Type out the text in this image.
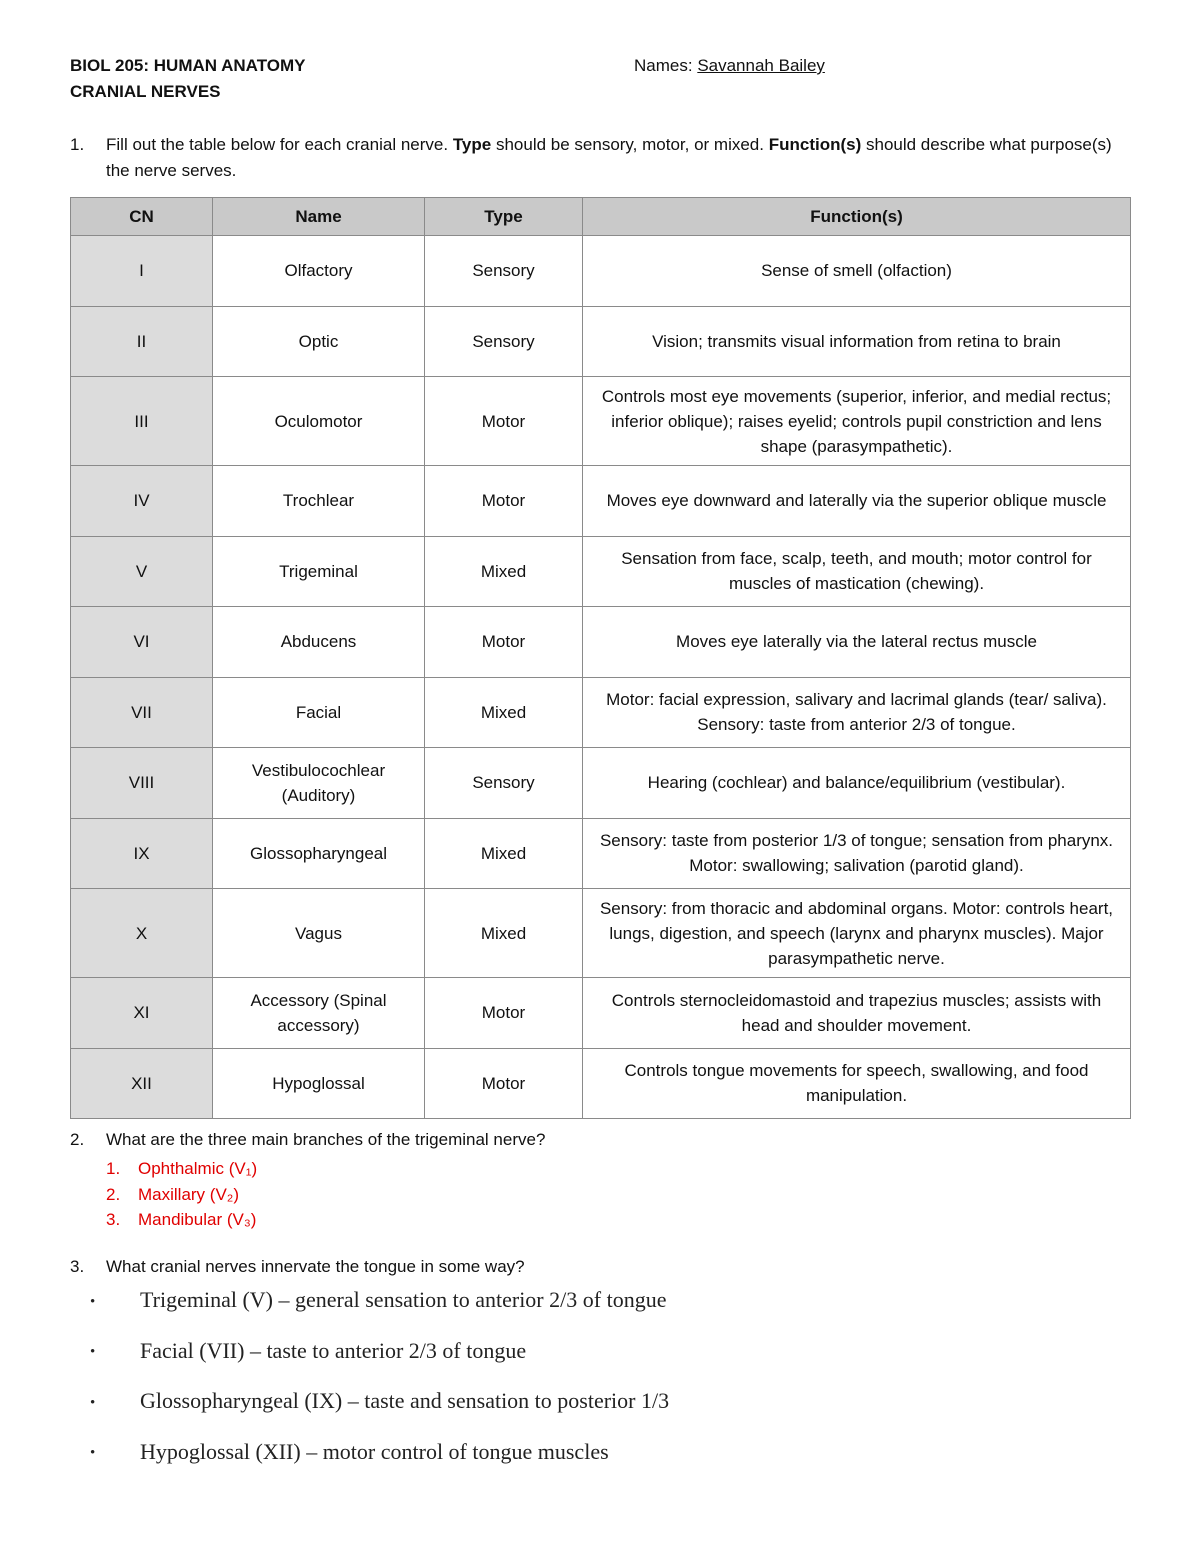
BIOL 205: HUMAN ANATOMY
CRANIAL NERVES
Names: Savannah Bailey
1. Fill out the table below for each cranial nerve. Type should be sensory, motor, or mixed. Function(s) should describe what purpose(s) the nerve serves.
CN	Name	Type	Function(s)
I	Olfactory	Sensory	Sense of smell (olfaction)
II	Optic	Sensory	Vision; transmits visual information from retina to brain
III	Oculomotor	Motor	Controls most eye movements (superior, inferior, and medial rectus; inferior oblique); raises eyelid; controls pupil constriction and lens shape (parasympathetic).
IV	Trochlear	Motor	Moves eye downward and laterally via the superior oblique muscle
V	Trigeminal	Mixed	Sensation from face, scalp, teeth, and mouth; motor control for muscles of mastication (chewing).
VI	Abducens	Motor	Moves eye laterally via the lateral rectus muscle
VII	Facial	Mixed	Motor: facial expression, salivary and lacrimal glands (tear/ saliva). Sensory: taste from anterior 2/3 of tongue.
VIII	Vestibulocochlear (Auditory)	Sensory	Hearing (cochlear) and balance/equilibrium (vestibular).
IX	Glossopharyngeal	Mixed	Sensory: taste from posterior 1/3 of tongue; sensation from pharynx. Motor: swallowing; salivation (parotid gland).
X	Vagus	Mixed	Sensory: from thoracic and abdominal organs. Motor: controls heart, lungs, digestion, and speech (larynx and pharynx muscles). Major parasympathetic nerve.
XI	Accessory (Spinal accessory)	Motor	Controls sternocleidomastoid and trapezius muscles; assists with head and shoulder movement.
XII	Hypoglossal	Motor	Controls tongue movements for speech, swallowing, and food manipulation.
2. What are the three main branches of the trigeminal nerve?
1. Ophthalmic (V₁)
2. Maxillary (V₂)
3. Mandibular (V₃)
3. What cranial nerves innervate the tongue in some way?
• Trigeminal (V) – general sensation to anterior 2/3 of tongue
• Facial (VII) – taste to anterior 2/3 of tongue
• Glossopharyngeal (IX) – taste and sensation to posterior 1/3
• Hypoglossal (XII) – motor control of tongue muscles
